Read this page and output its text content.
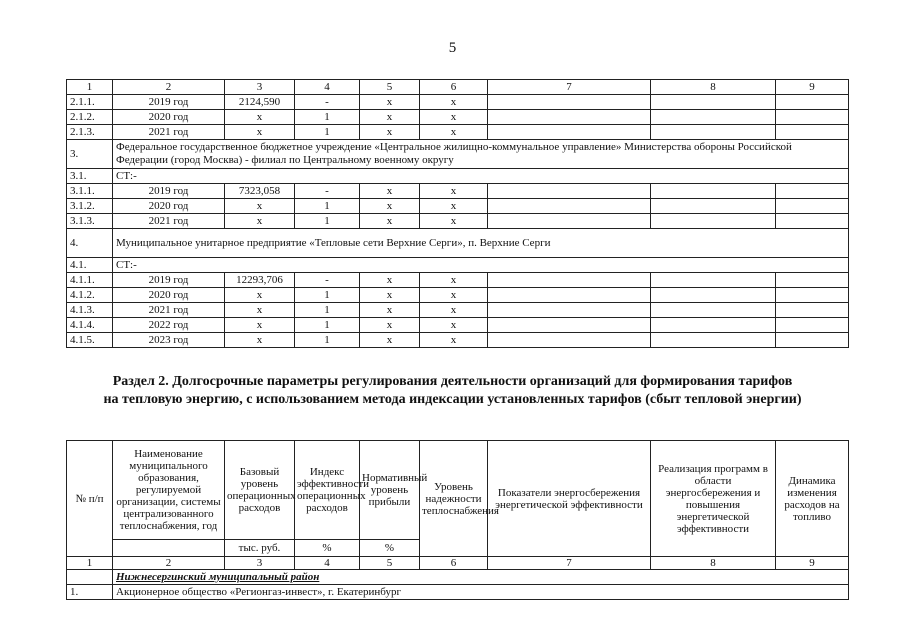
5
1	2	3	4	5	6	7	8	9
2.1.1.	2019 год	2124,590	-	х	х			
2.1.2.	2020 год	х	1	х	х			
2.1.3.	2021 год	х	1	х	х			
3.	Федеральное государственное бюджетное учреждение «Центральное жилищно-коммунальное управление» Министерства обороны Российской Федерации (город Москва) - филиал по Центральному военному округу							
3.1.	СТ:-							
3.1.1.	2019 год	7323,058	-	х	х			
3.1.2.	2020 год	х	1	х	х			
3.1.3.	2021 год	х	1	х	х			
4.	Муниципальное унитарное предприятие «Тепловые сети Верхние Серги», п. Верхние Серги							
4.1.	СТ:-							
4.1.1.	2019 год	12293,706	-	х	х			
4.1.2.	2020 год	х	1	х	х			
4.1.3.	2021 год	х	1	х	х			
4.1.4.	2022 год	х	1	х	х			
4.1.5.	2023 год	х	1	х	х			
Раздел 2. Долгосрочные параметры регулирования деятельности организаций для формирования тарифов
на тепловую энергию, с использованием метода индексации установленных тарифов (сбыт тепловой энергии)
№ п/п	Наименование муниципального образования, регулируемой организации, системы централизованного теплоснабжения, год	Базовый уровень операционных расходов	Индекс эффективности операционных расходов	Нормативный уровень прибыли	Уровень надежности теплоснабжения	Показатели энергосбережения энергетической эффективности	Реализация программ в области энергосбережения и повышения энергетической эффективности	Динамика изменения расходов на топливо
		тыс. руб.	%	%				
1	2	3	4	5	6	7	8	9
	Нижнесергинский муниципальный район							
1.	Акционерное общество «Регионгаз-инвест», г. Екатеринбург							
